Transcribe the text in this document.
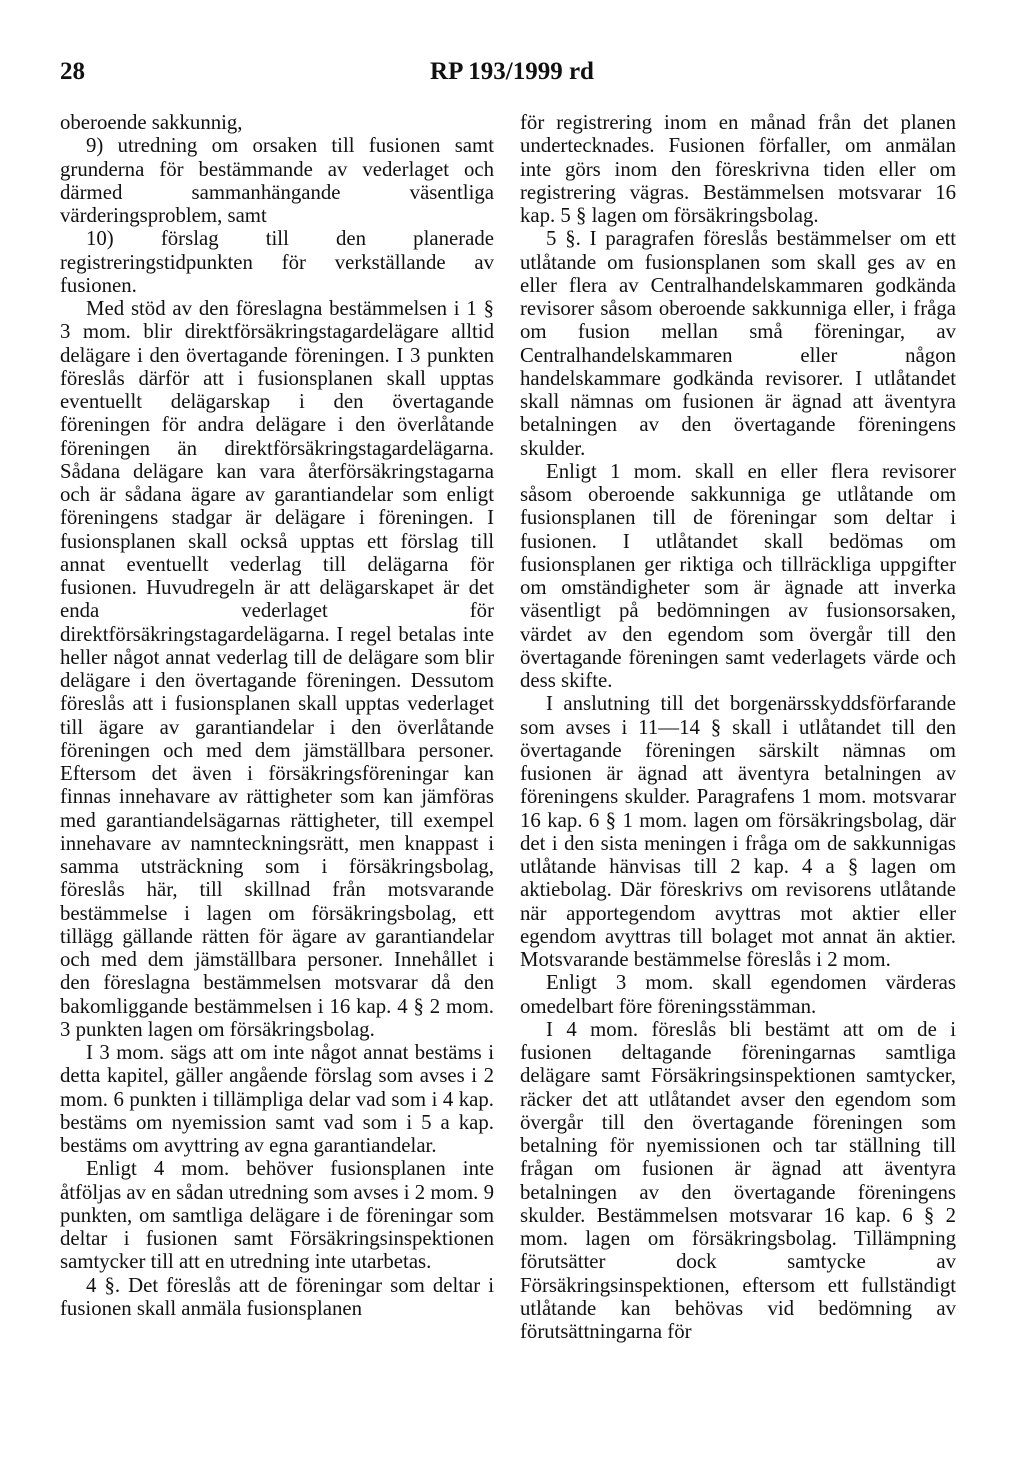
28	RP 193/1999 rd

oberoende sakkunnig,

9) utredning om orsaken till fusionen samt grunderna för bestämmande av vederlaget och därmed sammanhängande väsentliga värderingsproblem, samt

10) förslag till den planerade registreringstidpunkten för verkställande av fusionen.

Med stöd av den föreslagna bestämmelsen i 1 § 3 mom. blir direktförsäkringstagardelägare alltid delägare i den övertagande föreningen. I 3 punkten föreslås därför att i fusionsplanen skall upptas eventuellt delägarskap i den övertagande föreningen för andra delägare i den överlåtande föreningen än direktförsäkringstagardelägarna. Sådana delägare kan vara återförsäkringstagarna och är sådana ägare av garantiandelar som enligt föreningens stadgar är delägare i föreningen. I fusionsplanen skall också upptas ett förslag till annat eventuellt vederlag till delägarna för fusionen. Huvudregeln är att delägarskapet är det enda vederlaget för direktförsäkringstagardelägarna. I regel betalas inte heller något annat vederlag till de delägare som blir delägare i den övertagande föreningen. Dessutom föreslås att i fusionsplanen skall upptas vederlaget till ägare av garantiandelar i den överlåtande föreningen och med dem jämställbara personer. Eftersom det även i försäkringsföreningar kan finnas innehavare av rättigheter som kan jämföras med garantiandelsägarnas rättigheter, till exempel innehavare av namnteckningsrätt, men knappast i samma utsträckning som i försäkringsbolag, föreslås här, till skillnad från motsvarande bestämmelse i lagen om försäkringsbolag, ett tillägg gällande rätten för ägare av garantiandelar och med dem jämställbara personer. Innehållet i den föreslagna bestämmelsen motsvarar då den bakomliggande bestämmelsen i 16 kap. 4 § 2 mom. 3 punkten lagen om försäkringsbolag.

I 3 mom. sägs att om inte något annat bestäms i detta kapitel, gäller angående förslag som avses i 2 mom. 6 punkten i tillämpliga delar vad som i 4 kap. bestäms om nyemission samt vad som i 5 a kap. bestäms om avyttring av egna garantiandelar.

Enligt 4 mom. behöver fusionsplanen inte åtföljas av en sådan utredning som avses i 2 mom. 9 punkten, om samtliga delägare i de föreningar som deltar i fusionen samt Försäkringsinspektionen samtycker till att en utredning inte utarbetas.

4 §. Det föreslås att de föreningar som deltar i fusionen skall anmäla fusionsplanen

för registrering inom en månad från det planen undertecknades. Fusionen förfaller, om anmälan inte görs inom den föreskrivna tiden eller om registrering vägras. Bestämmelsen motsvarar 16 kap. 5 § lagen om försäkringsbolag.

5 §. I paragrafen föreslås bestämmelser om ett utlåtande om fusionsplanen som skall ges av en eller flera av Centralhandelskammaren godkända revisorer såsom oberoende sakkunniga eller, i fråga om fusion mellan små föreningar, av Centralhandelskammaren eller någon handelskammare godkända revisorer. I utlåtandet skall nämnas om fusionen är ägnad att äventyra betalningen av den övertagande föreningens skulder.

Enligt 1 mom. skall en eller flera revisorer såsom oberoende sakkunniga ge utlåtande om fusionsplanen till de föreningar som deltar i fusionen. I utlåtandet skall bedömas om fusionsplanen ger riktiga och tillräckliga uppgifter om omständigheter som är ägnade att inverka väsentligt på bedömningen av fusionsorsaken, värdet av den egendom som övergår till den övertagande föreningen samt vederlagets värde och dess skifte.

I anslutning till det borgenärsskyddsförfarande som avses i 11—14 § skall i utlåtandet till den övertagande föreningen särskilt nämnas om fusionen är ägnad att äventyra betalningen av föreningens skulder. Paragrafens 1 mom. motsvarar 16 kap. 6 § 1 mom. lagen om försäkringsbolag, där det i den sista meningen i fråga om de sakkunnigas utlåtande hänvisas till 2 kap. 4 a § lagen om aktiebolag. Där föreskrivs om revisorens utlåtande när apportegendom avyttras mot aktier eller egendom avyttras till bolaget mot annat än aktier. Motsvarande bestämmelse föreslås i 2 mom.

Enligt 3 mom. skall egendomen värderas omedelbart före föreningsstämman.

I 4 mom. föreslås bli bestämt att om de i fusionen deltagande föreningarnas samtliga delägare samt Försäkringsinspektionen samtycker, räcker det att utlåtandet avser den egendom som övergår till den övertagande föreningen som betalning för nyemissionen och tar ställning till frågan om fusionen är ägnad att äventyra betalningen av den övertagande föreningens skulder. Bestämmelsen motsvarar 16 kap. 6 § 2 mom. lagen om försäkringsbolag. Tillämpning förutsätter dock samtycke av Försäkringsinspektionen, eftersom ett fullständigt utlåtande kan behövas vid bedömning av förutsättningarna för
